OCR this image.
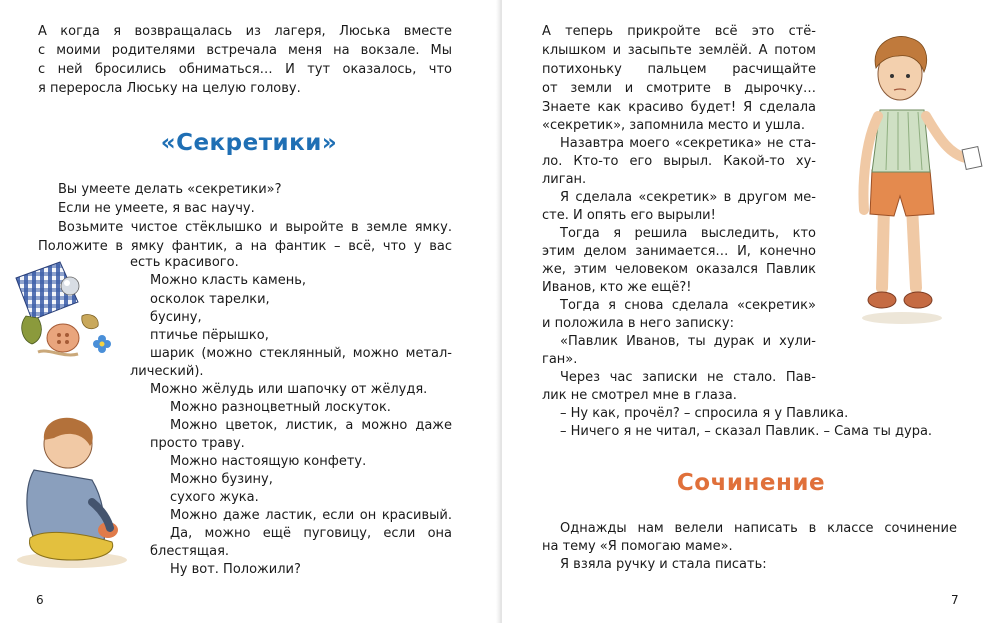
А когда я возвращалась из лагеря, Люська вместе
с моими родителями встречала меня на вокзале. Мы
с ней бросились обниматься… И тут оказалось, что
я переросла Люську на целую голову.
«Секретики»
Вы умеете делать «секретики»?
Если не умеете, я вас научу.
Возьмите чистое стёклышко и выройте в земле ямку.
Положите в ямку фантик, а на фантик – всё, что у вас
есть красивого.
Можно класть камень,
осколок тарелки,
бусину,
птичье пёрышко,
шарик (можно стеклянный, можно метал-
лический).
Можно жёлудь или шапочку от жёлудя.
Можно разноцветный лоскуток.
Можно цветок, листик, а можно даже
просто траву.
Можно настоящую конфету.
Можно бузину,
сухого жука.
Можно даже ластик, если он красивый.
Да, можно ещё пуговицу, если она
блестящая.
Ну вот. Положили?
6
А теперь прикройте всё это стё-
клышком и засыпьте землёй. А потом
потихоньку пальцем расчищайте
от земли и смотрите в дырочку…
Знаете как красиво будет! Я сделала
«секретик», запомнила место и ушла.
Назавтра моего «секретика» не ста-
ло. Кто-то его вырыл. Какой-то ху-
лиган.
Я сделала «секретик» в другом ме-
сте. И опять его вырыли!
Тогда я решила выследить, кто
этим делом занимается… И, конечно
же, этим человеком оказался Павлик
Иванов, кто же ещё?!
Тогда я снова сделала «секретик»
и положила в него записку:
«Павлик Иванов, ты дурак и хули-
ган».
Через час записки не стало. Пав-
лик не смотрел мне в глаза.
– Ну как, прочёл? – спросила я у Павлика.
– Ничего я не читал, – сказал Павлик. – Сама ты дура.
Сочинение
Однажды нам велели написать в классе сочинение
на тему «Я помогаю маме».
Я взяла ручку и стала писать:
7
